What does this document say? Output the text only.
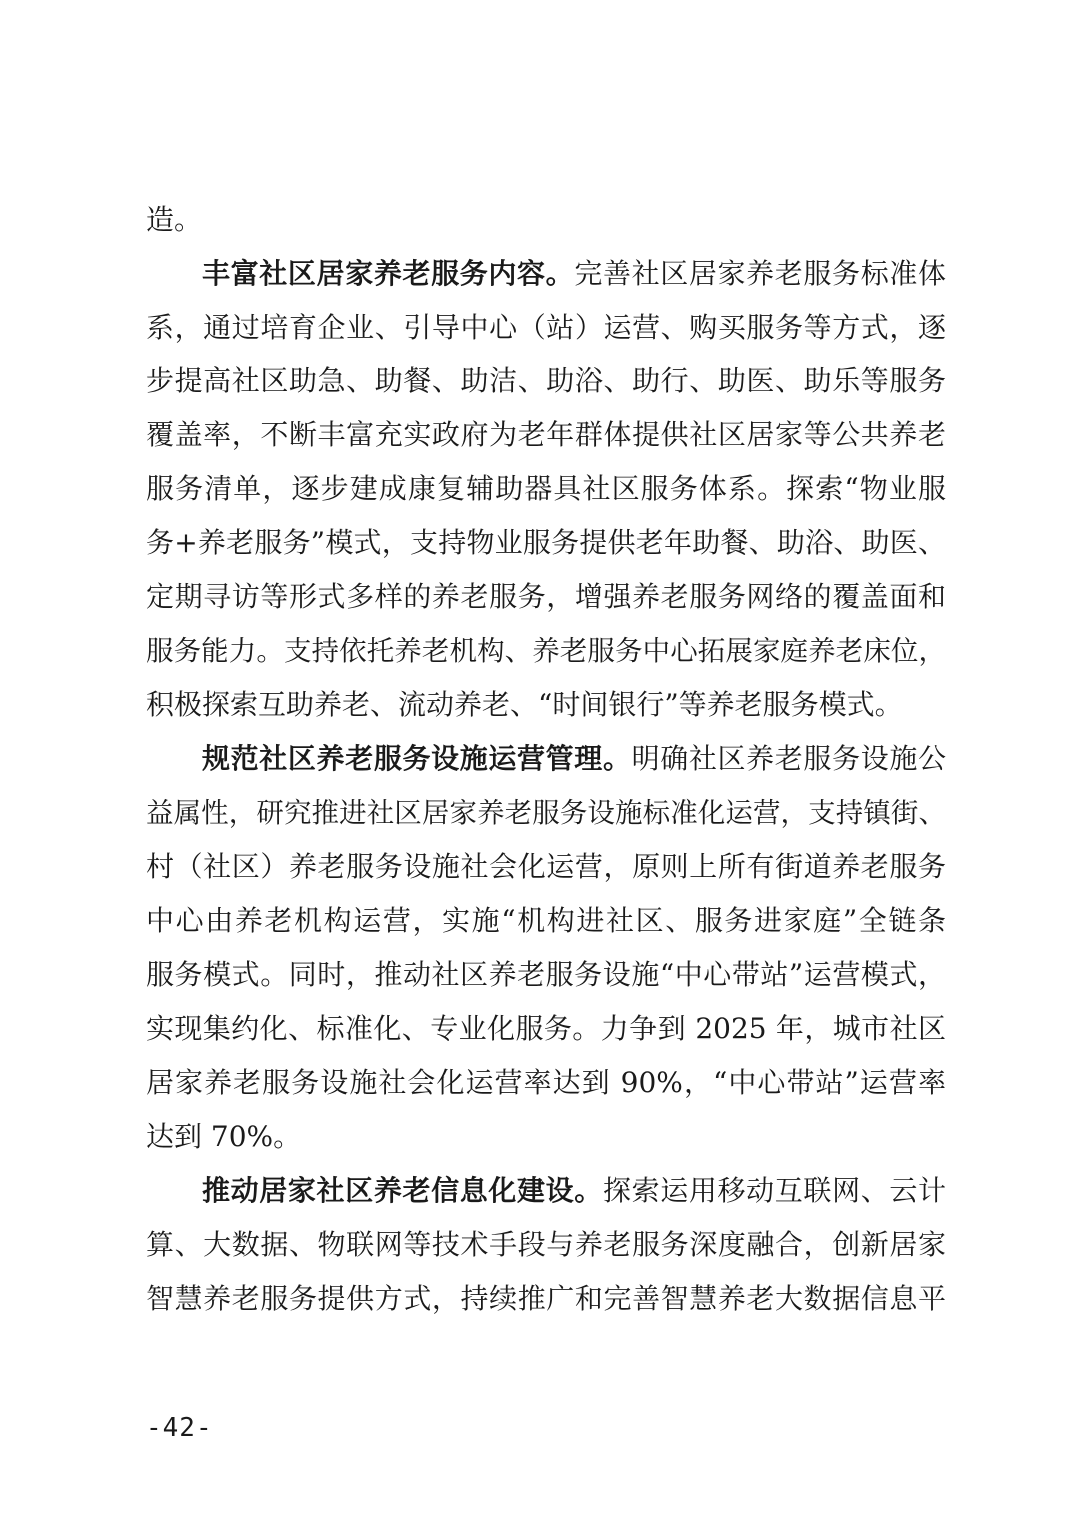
造。
丰富社区居家养老服务内容。完善社区居家养老服务标准体
系，通过培育企业、引导中心（站）运营、购买服务等方式，逐
步提高社区助急、助餐、助洁、助浴、助行、助医、助乐等服务
覆盖率，不断丰富充实政府为老年群体提供社区居家等公共养老
服务清单，逐步建成康复辅助器具社区服务体系。探索“物业服
务+养老服务”模式，支持物业服务提供老年助餐、助浴、助医、
定期寻访等形式多样的养老服务，增强养老服务网络的覆盖面和
服务能力。支持依托养老机构、养老服务中心拓展家庭养老床位，
积极探索互助养老、流动养老、“时间银行”等养老服务模式。
规范社区养老服务设施运营管理。明确社区养老服务设施公
益属性，研究推进社区居家养老服务设施标准化运营，支持镇街、
村（社区）养老服务设施社会化运营，原则上所有街道养老服务
中心由养老机构运营，实施“机构进社区、服务进家庭”全链条
服务模式。同时，推动社区养老服务设施“中心带站”运营模式，
实现集约化、标准化、专业化服务。力争到 2025 年，城市社区
居家养老服务设施社会化运营率达到 90%，“中心带站”运营率
达到 70%。
推动居家社区养老信息化建设。探索运用移动互联网、云计
算、大数据、物联网等技术手段与养老服务深度融合，创新居家
智慧养老服务提供方式，持续推广和完善智慧养老大数据信息平
-42-
